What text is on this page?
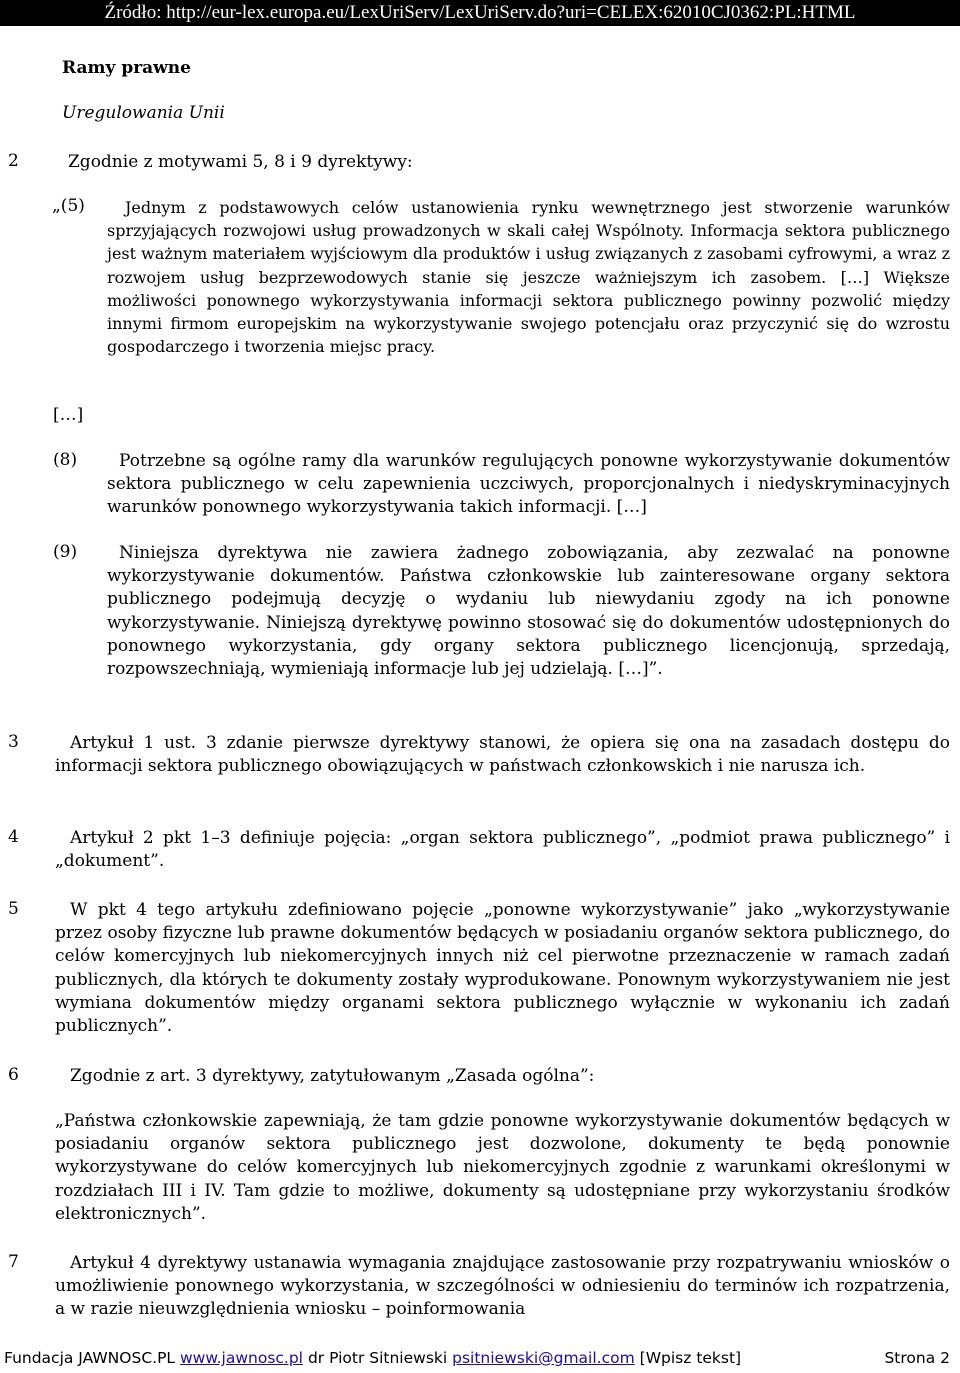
Źródło: http://eur-lex.europa.eu/LexUriServ/LexUriServ.do?uri=CELEX:62010CJ0362:PL:HTML
Ramy prawne
Uregulowania Unii
2	Zgodnie z motywami 5, 8 i 9 dyrektywy:
„(5)	Jednym z podstawowych celów ustanowienia rynku wewnętrznego jest stworzenie warunków sprzyjających rozwojowi usług prowadzonych w skali całej Wspólnoty. Informacja sektora publicznego jest ważnym materiałem wyjściowym dla produktów i usług związanych z zasobami cyfrowymi, a wraz z rozwojem usług bezprzewodowych stanie się jeszcze ważniejszym ich zasobem. […] Większe możliwości ponownego wykorzystywania informacji sektora publicznego powinny pozwolić między innymi firmom europejskim na wykorzystywanie swojego potencjału oraz przyczynić się do wzrostu gospodarczego i tworzenia miejsc pracy.
[…]
(8)	Potrzebne są ogólne ramy dla warunków regulujących ponowne wykorzystywanie dokumentów sektora publicznego w celu zapewnienia uczciwych, proporcjonalnych i niedyskryminacyjnych warunków ponownego wykorzystywania takich informacji. […]
(9)	Niniejsza dyrektywa nie zawiera żadnego zobowiązania, aby zezwalać na ponowne wykorzystywanie dokumentów. Państwa członkowskie lub zainteresowane organy sektora publicznego podejmują decyzję o wydaniu lub niewydaniu zgody na ich ponowne wykorzystywanie. Niniejszą dyrektywę powinno stosować się do dokumentów udostępnionych do ponownego wykorzystania, gdy organy sektora publicznego licencjonują, sprzedają, rozpowszechniają, wymieniają informacje lub jej udzielają. […]”.
3	Artykuł 1 ust. 3 zdanie pierwsze dyrektywy stanowi, że opiera się ona na zasadach dostępu do informacji sektora publicznego obowiązujących w państwach członkowskich i nie narusza ich.
4	Artykuł 2 pkt 1–3 definiuje pojęcia: „organ sektora publicznego”, „podmiot prawa publicznego” i „dokument”.
5	W pkt 4 tego artykułu zdefiniowano pojęcie „ponowne wykorzystywanie” jako „wykorzystywanie przez osoby fizyczne lub prawne dokumentów będących w posiadaniu organów sektora publicznego, do celów komercyjnych lub niekomercyjnych innych niż cel pierwotne przeznaczenie w ramach zadań publicznych, dla których te dokumenty zostały wyprodukowane. Ponownym wykorzystywaniem nie jest wymiana dokumentów między organami sektora publicznego wyłącznie w wykonaniu ich zadań publicznych”.
6	Zgodnie z art. 3 dyrektywy, zatytułowanym „Zasada ogólna”:
„Państwa członkowskie zapewniają, że tam gdzie ponowne wykorzystywanie dokumentów będących w posiadaniu organów sektora publicznego jest dozwolone, dokumenty te będą ponownie wykorzystywane do celów komercyjnych lub niekomercyjnych zgodnie z warunkami określonymi w rozdziałach III i IV. Tam gdzie to możliwe, dokumenty są udostępniane przy wykorzystaniu środków elektronicznych”.
7	Artykuł 4 dyrektywy ustanawia wymagania znajdujące zastosowanie przy rozpatrywaniu wniosków o umożliwienie ponownego wykorzystania, w szczególności w odniesieniu do terminów ich rozpatrzenia, a w razie nieuwzględnienia wniosku – poinformowania
Fundacja JAWNOSC.PL www.jawnosc.pl dr Piotr Sitniewski psitniewski@gmail.com [Wpisz tekst]	Strona 2
